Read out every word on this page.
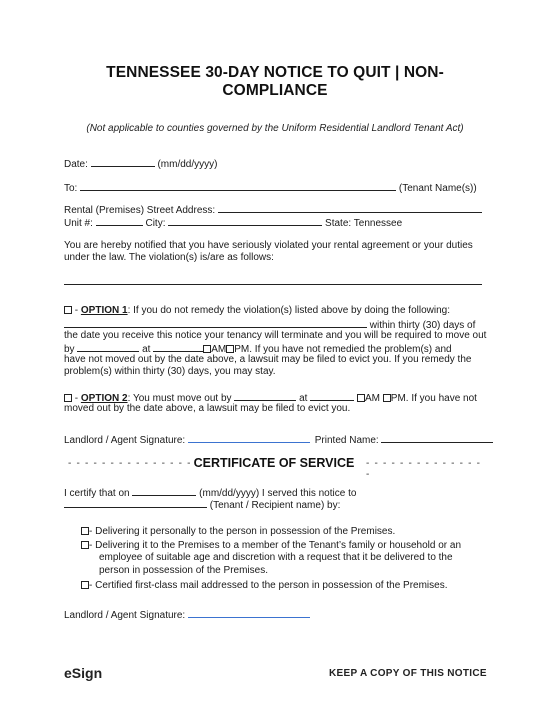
TENNESSEE 30-DAY NOTICE TO QUIT | NON-
COMPLIANCE
(Not applicable to counties governed by the Uniform Residential Landlord Tenant Act)
Date:	(mm/dd/yyyy)
To:	(Tenant Name(s))
Rental (Premises) Street Address:
Unit #:	City:	State: Tennessee
You are hereby notified that you have seriously violated your rental agreement or your duties
under the law. The violation(s) is/are as follows:
- OPTION 1: If you do not remedy the violation(s) listed above by doing the following:
within thirty (30) days of
the date you receive this notice your tenancy will terminate and you will be required to move out
by	at	AM PM. If you have not remedied the problem(s) and
have not moved out by the date above, a lawsuit may be filed to evict you. If you remedy the
problem(s) within thirty (30) days, you may stay.
- OPTION 2: You must move out by	at	AM PM. If you have not
moved out by the date above, a lawsuit may be filed to evict you.
Landlord / Agent Signature:	Printed Name:
- - - - - - - - - - - - - - - CERTIFICATE OF SERVICE	- - - - - - - - - - - - - - -
I certify that on	(mm/dd/yyyy) I served this notice to
(Tenant / Recipient name) by:
- Delivering it personally to the person in possession of the Premises.
- Delivering it to the Premises to a member of the Tenant’s family or household or an
employee of suitable age and discretion with a request that it be delivered to the
person in possession of the Premises.
- Certified first-class mail addressed to the person in possession of the Premises.
Landlord / Agent Signature:
eSign	KEEP A COPY OF THIS NOTICE
